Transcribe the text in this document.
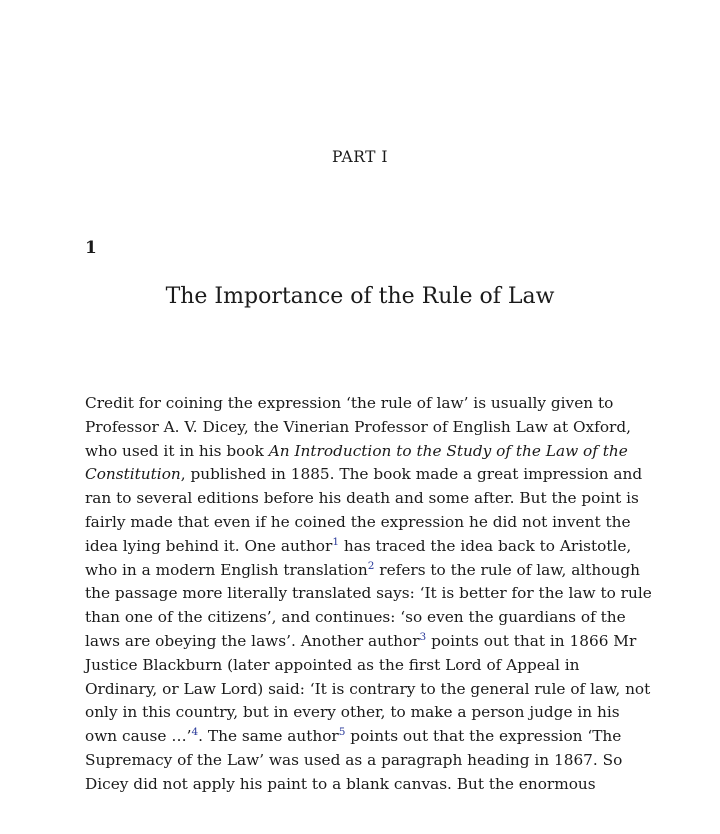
PART I
1
The Importance of the Rule of Law
Credit for coining the expression ‘the rule of law’ is usually given to
Professor A. V. Dicey, the Vinerian Professor of English Law at Oxford,
who used it in his book An Introduction to the Study of the Law of the
Constitution, published in 1885. The book made a great impression and
ran to several editions before his death and some after. But the point is
fairly made that even if he coined the expression he did not invent the
idea lying behind it. One author$^1$ has traced the idea back to Aristotle,
who in a modern English translation$^2$ refers to the rule of law, although
the passage more literally translated says: ‘It is better for the law to rule
than one of the citizens’, and continues: ‘so even the guardians of the
laws are obeying the laws’. Another author$^3$ points out that in 1866 Mr
Justice Blackburn (later appointed as the first Lord of Appeal in
Ordinary, or Law Lord) said: ‘It is contrary to the general rule of law, not
only in this country, but in every other, to make a person judge in his
own cause …’$^4$. The same author$^5$ points out that the expression ‘The
Supremacy of the Law’ was used as a paragraph heading in 1867. So
Dicey did not apply his paint to a blank canvas. But the enormous
